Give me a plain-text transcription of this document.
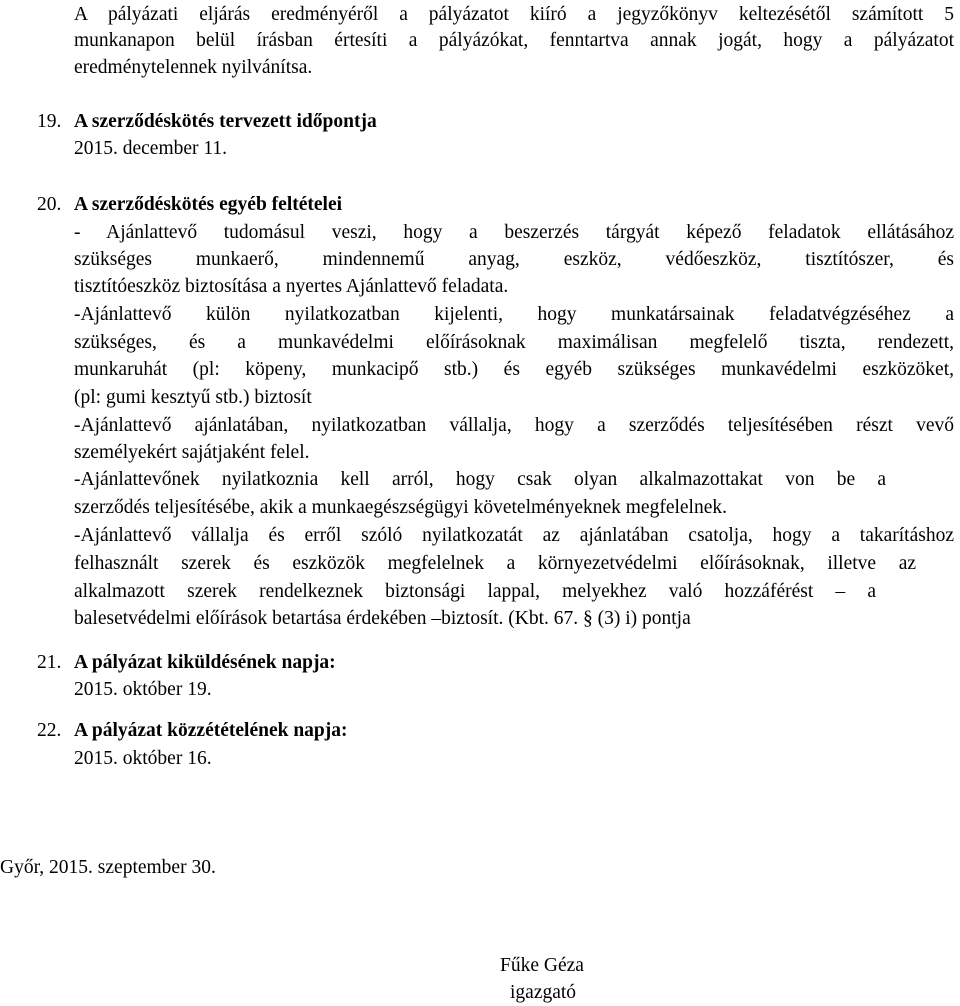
A pályázati eljárás eredményéről a pályázatot kiíró a jegyzőkönyv keltezésétől számított 5
munkanapon belül írásban értesíti a pályázókat, fenntartva annak jogát, hogy a pályázatot
eredménytelennek nyilvánítsa.
19. A szerződéskötés tervezett időpontja
2015. december 11.
20. A szerződéskötés egyéb feltételei
- Ajánlattevő tudomásul veszi, hogy a beszerzés tárgyát képező feladatok ellátásához
szükséges munkaerő, mindennemű anyag, eszköz, védőeszköz, tisztítószer, és
tisztítóeszköz biztosítása a nyertes Ajánlattevő feladata.
-Ajánlattevő külön nyilatkozatban kijelenti, hogy munkatársainak feladatvégzéséhez a
szükséges, és a munkavédelmi előírásoknak maximálisan megfelelő tiszta, rendezett,
munkaruhát (pl: köpeny, munkacipő stb.) és egyéb szükséges munkavédelmi eszközöket,
(pl: gumi kesztyű stb.) biztosít
-Ajánlattevő ajánlatában, nyilatkozatban vállalja, hogy a szerződés teljesítésében részt vevő
személyekért sajátjaként felel.
-Ajánlattevőnek nyilatkoznia kell arról, hogy csak olyan alkalmazottakat von be a
szerződés teljesítésébe, akik a munkaegészségügyi követelményeknek megfelelnek.
-Ajánlattevő vállalja és erről szóló nyilatkozatát az ajánlatában csatolja, hogy a takarításhoz
felhasznált szerek és eszközök megfelelnek a környezetvédelmi előírásoknak, illetve az
alkalmazott szerek rendelkeznek biztonsági lappal, melyekhez való hozzáférést – a
balesetvédelmi előírások betartása érdekében –biztosít. (Kbt. 67. § (3) i) pontja
21. A pályázat kiküldésének napja:
2015. október 19.
22. A pályázat közzétételének napja:
2015. október 16.
Győr, 2015. szeptember 30.
Fűke Géza
igazgató
